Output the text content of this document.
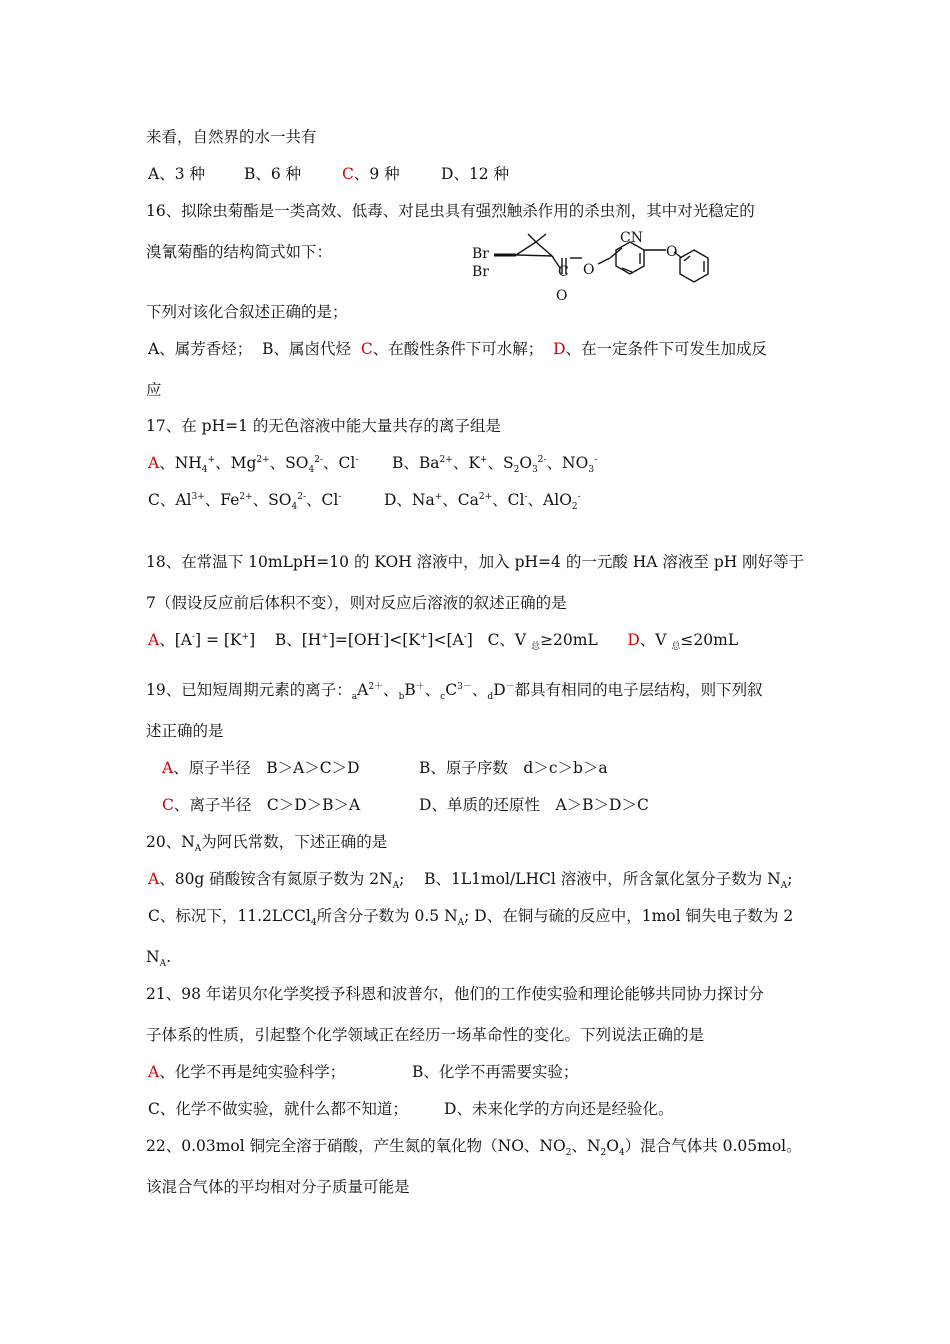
来看，自然界的水一共有
A、3 种	B、6 种	C、9 种	D、12 种
16、拟除虫菊酯是一类高效、低毒、对昆虫具有强烈触杀作用的杀虫剂，其中对光稳定的
溴氰菊酯的结构简式如下：	Br
Br	C O
O
CN
O
下列对该化合叙述正确的是；
A、属芳香烃； B、属卤代烃 C、在酸性条件下可水解； D、在一定条件下可发生加成反
应
17、在 pH=1 的无色溶液中能大量共存的离子组是
A、$NH_4^+$、$Mg^{2+}$、$SO_4^{2-}$、Cl- B、$Ba^{2+}$、K+、$S_2O_3^{2-}$、$NO_3^-$
C、$Al^{3+}$、$Fe^{2+}$、$SO_4^{2-}$、Cl-	D、Na+、$Ca^{2+}$、Cl-、AlO$_2$-
18、在常温下 10mLpH=10 的 KOH 溶液中，加入 pH=4 的一元酸 HA 溶液至 pH 刚好等于
7（假设反应前后体积不变），则对反应后溶液的叙述正确的是
A、[A-] = [K+]    B、[H+]=[OH-]<[K+]<[A-]   C、V $_总$≥20mL      D、V $_总$≤20mL
19、已知短周期元素的离子：$_aA^{2+}$、$_b$B＋、$_cC^{3-}$、$_d$D－都具有相同的电子层结构，则下列叙
述正确的是
A、原子半径　B＞A＞C＞D	B、原子序数　d＞c＞b＞a
C、离子半径　C＞D＞B＞A	D、单质的还原性　A＞B＞D＞C
20、$N_A$为阿氏常数，下述正确的是
A、80g 硝酸铵含有氮原子数为 $2N_A$;    B、1L1mol/LHCl 溶液中，所含氯化氢分子数为 $N_A$;
C、标况下，11.2LCCl$_4$所含分子数为 0.5 $N_A$; D、在铜与硫的反应中，1mol 铜失电子数为 2
$N_A$.
21、98 年诺贝尔化学奖授予科恩和波普尔，他们的工作使实验和理论能够共同协力探讨分
子体系的性质，引起整个化学领域正在经历一场革命性的变化。下列说法正确的是
A、化学不再是纯实验科学；	B、化学不再需要实验；
C、化学不做实验，就什么都不知道； D、未来化学的方向还是经验化。
22、0.03mol 铜完全溶于硝酸，产生氮的氧化物（NO、$NO_2$、$N_2O_4$）混合气体共 0.05mol。
该混合气体的平均相对分子质量可能是
